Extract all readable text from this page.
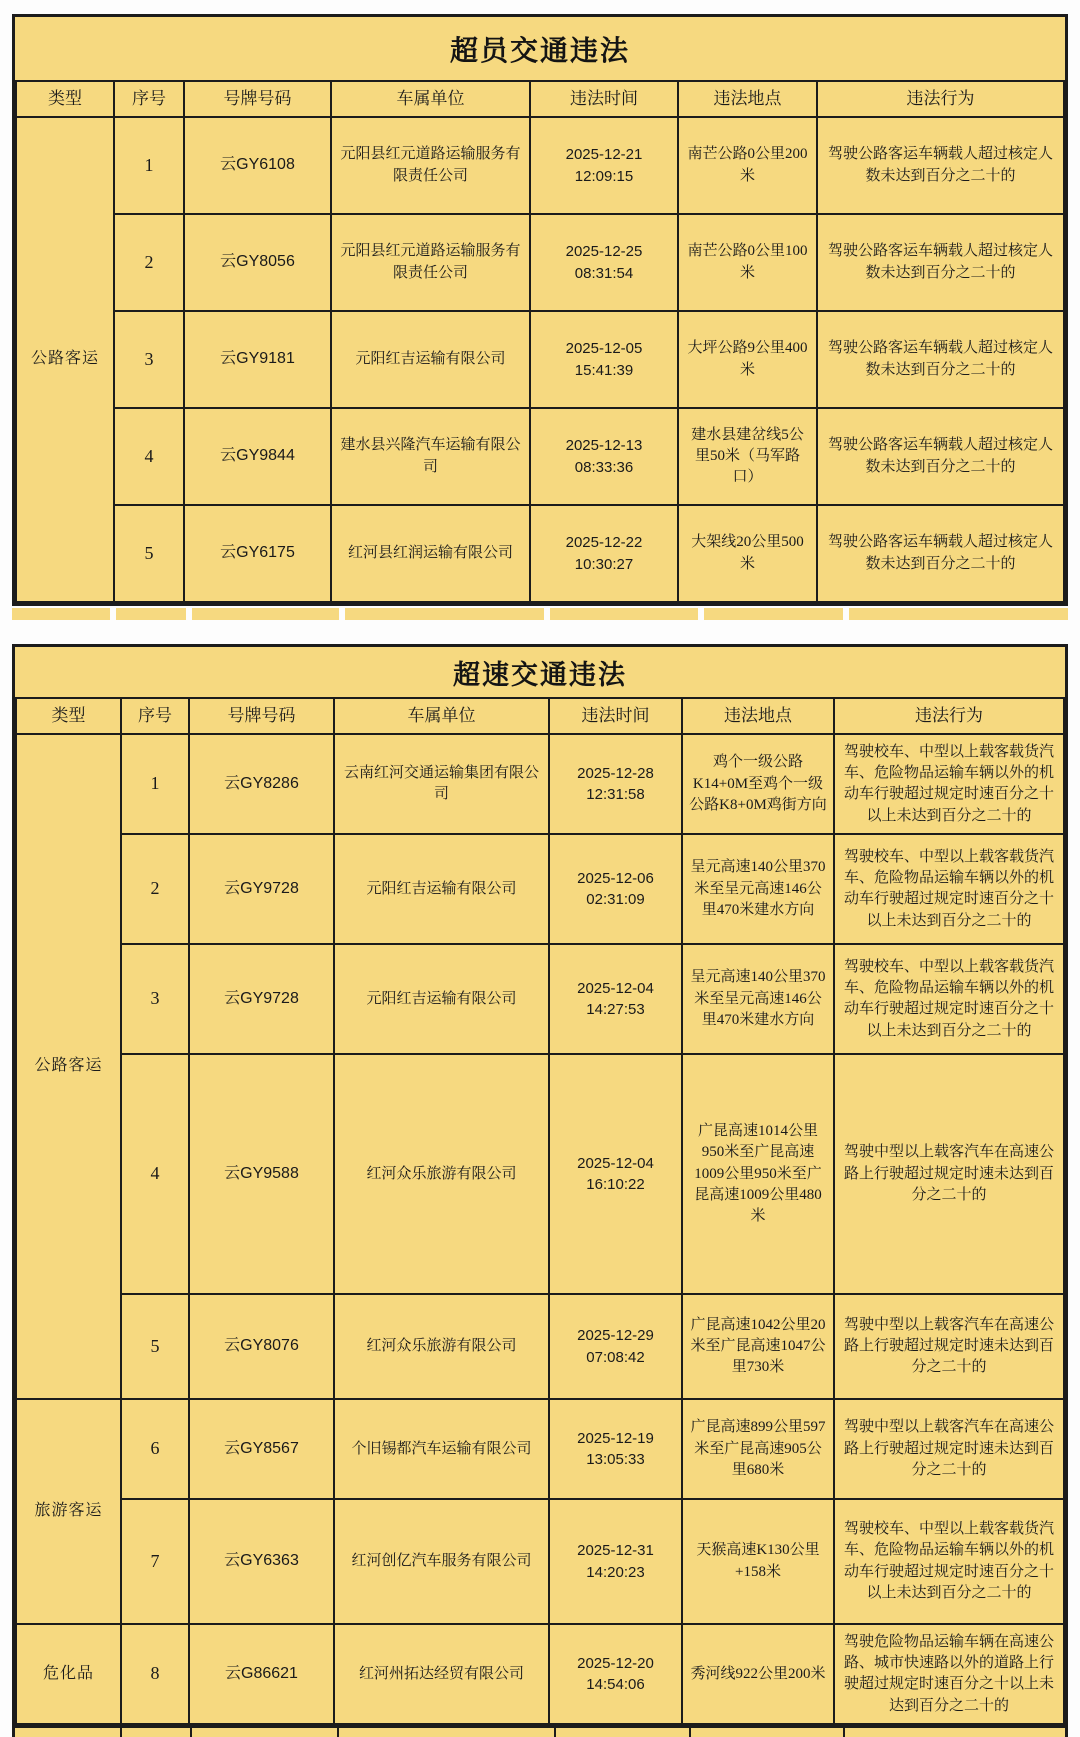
超员交通违法
类型	序号	号牌号码	车属单位	违法时间	违法地点	违法行为
公路客运	1	云GY6108	元阳县红元道路运输服务有限责任公司	2025-12-21 12:09:15	南芒公路0公里200米	驾驶公路客运车辆载人超过核定人数未达到百分之二十的
	2	云GY8056	元阳县红元道路运输服务有限责任公司	2025-12-25 08:31:54	南芒公路0公里100米	驾驶公路客运车辆载人超过核定人数未达到百分之二十的
	3	云GY9181	元阳红吉运输有限公司	2025-12-05 15:41:39	大坪公路9公里400米	驾驶公路客运车辆载人超过核定人数未达到百分之二十的
	4	云GY9844	建水县兴隆汽车运输有限公司	2025-12-13 08:33:36	建水县建岔线5公里50米（马军路口）	驾驶公路客运车辆载人超过核定人数未达到百分之二十的
	5	云GY6175	红河县红润运输有限公司	2025-12-22 10:30:27	大架线20公里500米	驾驶公路客运车辆载人超过核定人数未达到百分之二十的
超速交通违法
类型	序号	号牌号码	车属单位	违法时间	违法地点	违法行为
公路客运	1	云GY8286	云南红河交通运输集团有限公司	2025-12-28 12:31:58	鸡个一级公路K14+0M至鸡个一级公路K8+0M鸡街方向	驾驶校车、中型以上载客载货汽车、危险物品运输车辆以外的机动车行驶超过规定时速百分之十以上未达到百分之二十的
	2	云GY9728	元阳红吉运输有限公司	2025-12-06 02:31:09	呈元高速140公里370米至呈元高速146公里470米建水方向	驾驶校车、中型以上载客载货汽车、危险物品运输车辆以外的机动车行驶超过规定时速百分之十以上未达到百分之二十的
	3	云GY9728	元阳红吉运输有限公司	2025-12-04 14:27:53	呈元高速140公里370米至呈元高速146公里470米建水方向	驾驶校车、中型以上载客载货汽车、危险物品运输车辆以外的机动车行驶超过规定时速百分之十以上未达到百分之二十的
	4	云GY9588	红河众乐旅游有限公司	2025-12-04 16:10:22	广昆高速1014公里950米至广昆高速1009公里950米至广昆高速1009公里480米	驾驶中型以上载客汽车在高速公路上行驶超过规定时速未达到百分之二十的
	5	云GY8076	红河众乐旅游有限公司	2025-12-29 07:08:42	广昆高速1042公里20米至广昆高速1047公里730米	驾驶中型以上载客汽车在高速公路上行驶超过规定时速未达到百分之二十的
旅游客运	6	云GY8567	个旧锡都汽车运输有限公司	2025-12-19 13:05:33	广昆高速899公里597米至广昆高速905公里680米	驾驶中型以上载客汽车在高速公路上行驶超过规定时速未达到百分之二十的
	7	云GY6363	红河创亿汽车服务有限公司	2025-12-31 14:20:23	天猴高速K130公里+158米	驾驶校车、中型以上载客载货汽车、危险物品运输车辆以外的机动车行驶超过规定时速百分之十以上未达到百分之二十的
危化品	8	云G86621	红河州拓达经贸有限公司	2025-12-20 14:54:06	秀河线922公里200米	驾驶危险物品运输车辆在高速公路、城市快速路以外的道路上行驶超过规定时速百分之十以上未达到百分之二十的
